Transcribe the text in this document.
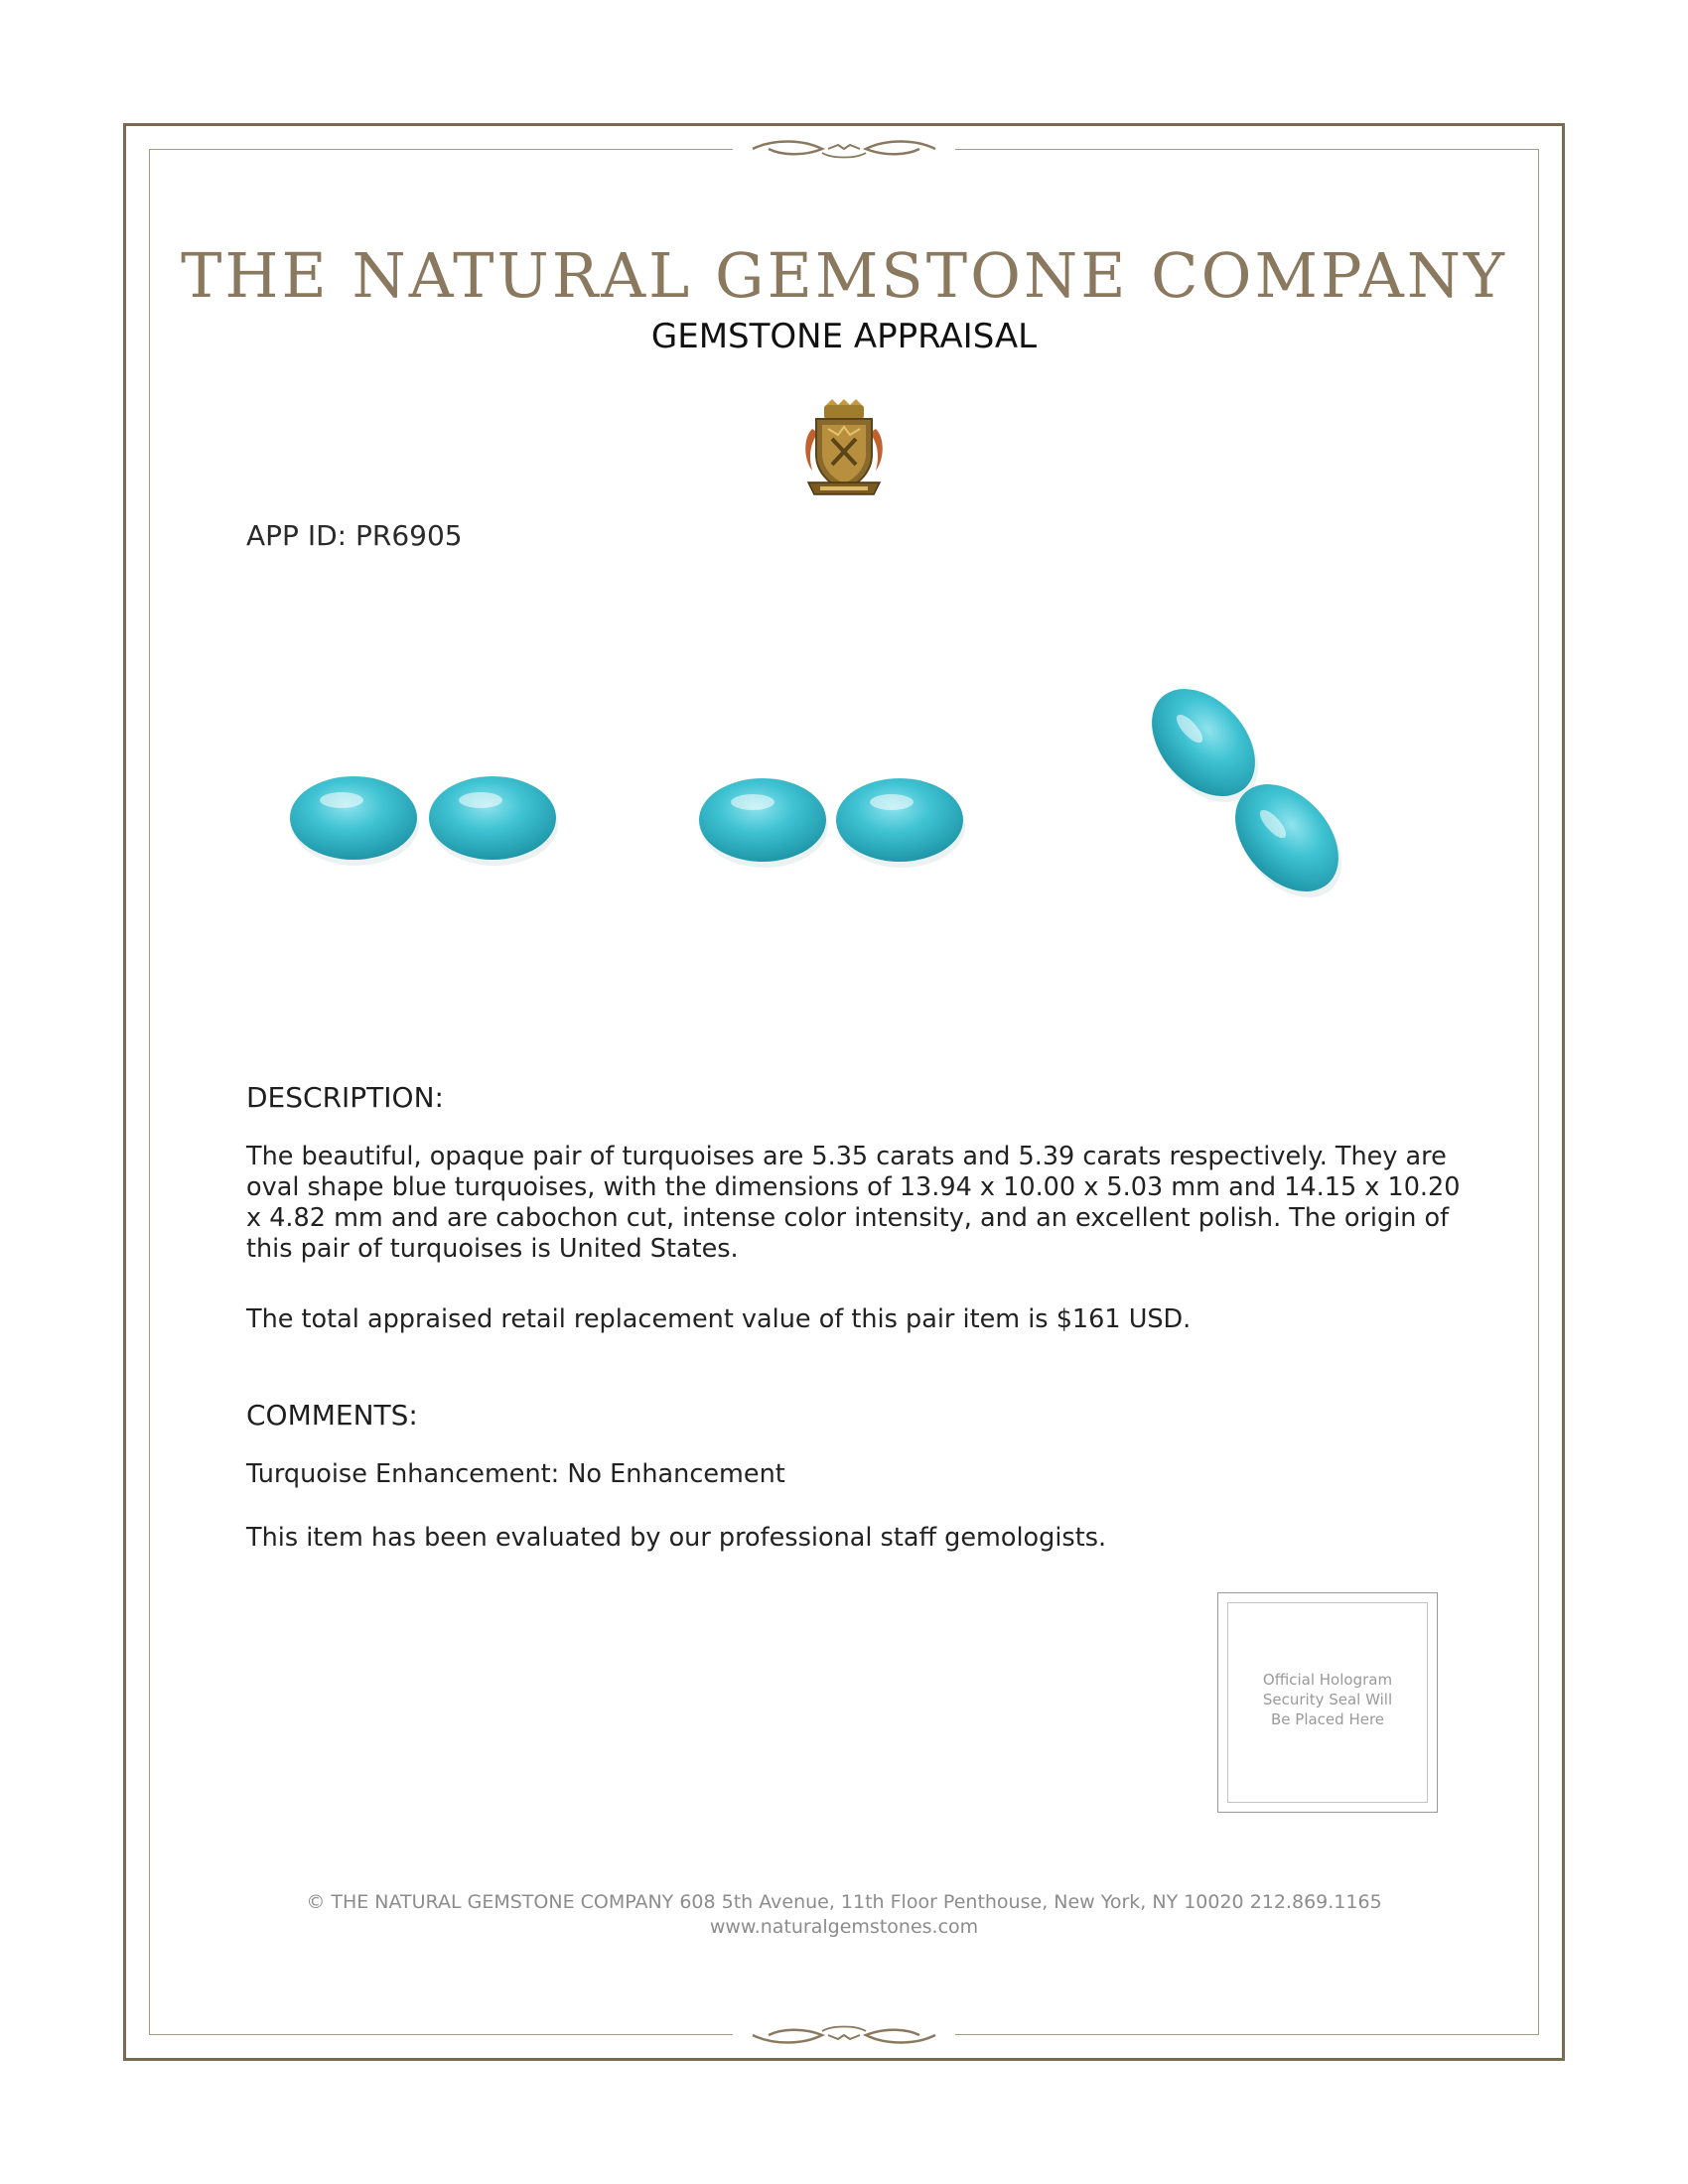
THE NATURAL GEMSTONE COMPANY
GEMSTONE APPRAISAL
APP ID: PR6905
DESCRIPTION:

The beautiful, opaque pair of turquoises are 5.35 carats and 5.39 carats respectively. They are oval shape blue turquoises, with the dimensions of 13.94 x 10.00 x 5.03 mm and 14.15 x 10.20 x 4.82 mm and are cabochon cut, intense color intensity, and an excellent polish. The origin of this pair of turquoises is United States.

The total appraised retail replacement value of this pair item is $161 USD.

COMMENTS:

Turquoise Enhancement: No Enhancement

This item has been evaluated by our professional staff gemologists.

Official Hologram
Security Seal Will
Be Placed Here
© THE NATURAL GEMSTONE COMPANY 608 5th Avenue, 11th Floor Penthouse, New York, NY 10020 212.869.1165
www.naturalgemstones.com
